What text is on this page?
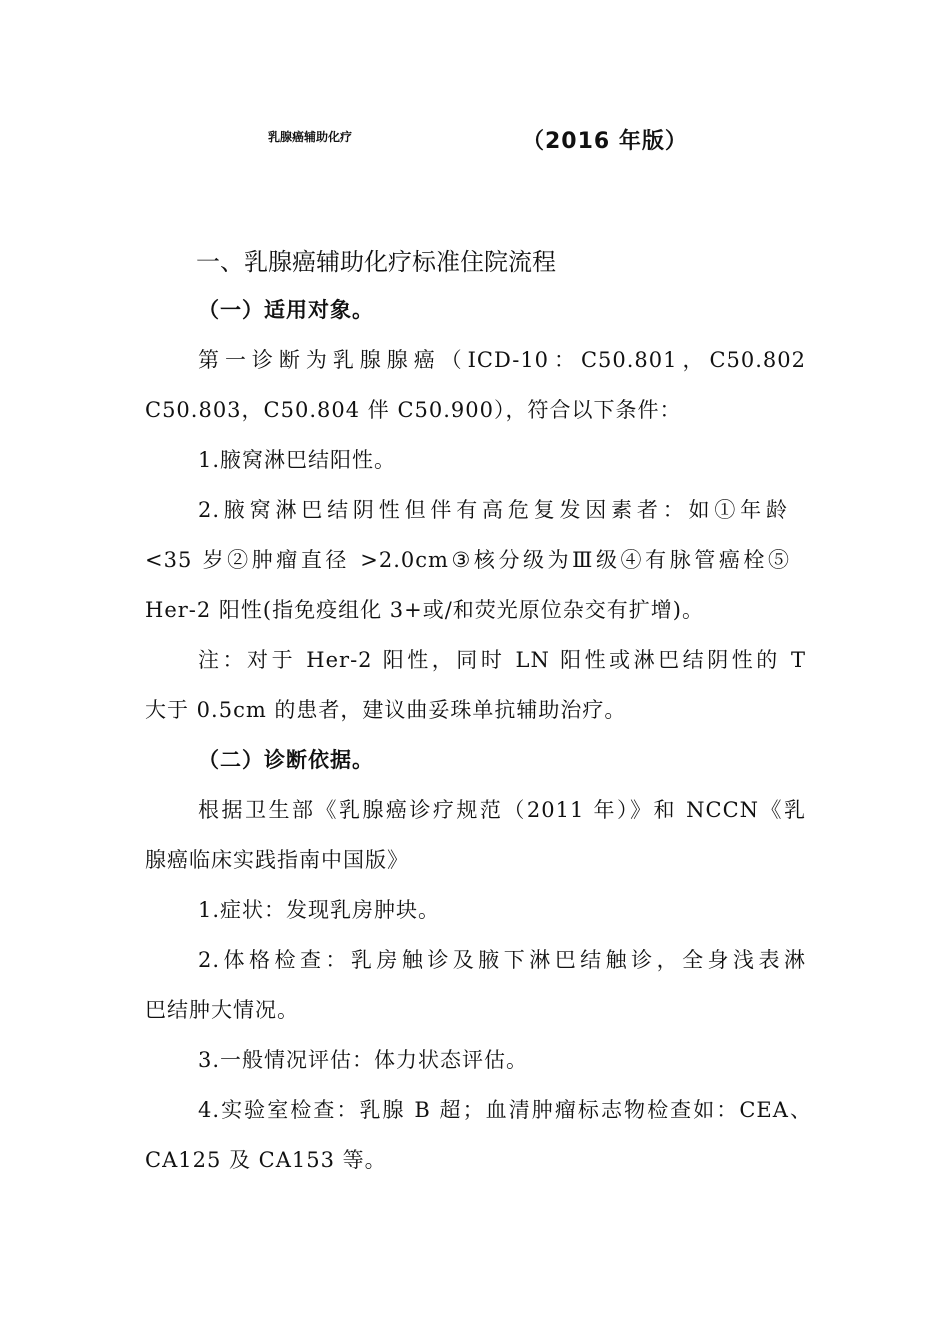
乳腺癌辅助化疗	（2016 年版）
一、乳腺癌辅助化疗标准住院流程
（一）适用对象。
第一诊断为乳腺腺癌（ICD-10：C50.801，C50.802
C50.803，C50.804 伴 C50.900），符合以下条件：
1.腋窝淋巴结阳性。
2.腋窝淋巴结阴性但伴有高危复发因素者：如①年龄
<35 岁②肿瘤直径 >2.0cm③核分级为Ⅲ级④有脉管癌栓⑤
Her-2 阳性(指免疫组化 3+或/和荧光原位杂交有扩增)。
注：对于 Her-2 阳性，同时 LN 阳性或淋巴结阴性的 T
大于 0.5cm 的患者，建议曲妥珠单抗辅助治疗。
（二）诊断依据。
根据卫生部《乳腺癌诊疗规范（2011 年）》和 NCCN《乳
腺癌临床实践指南中国版》
1.症状：发现乳房肿块。
2.体格检查：乳房触诊及腋下淋巴结触诊，全身浅表淋
巴结肿大情况。
3.一般情况评估：体力状态评估。
4.实验室检查：乳腺 B 超；血清肿瘤标志物检查如：CEA、
CA125 及 CA153 等。
